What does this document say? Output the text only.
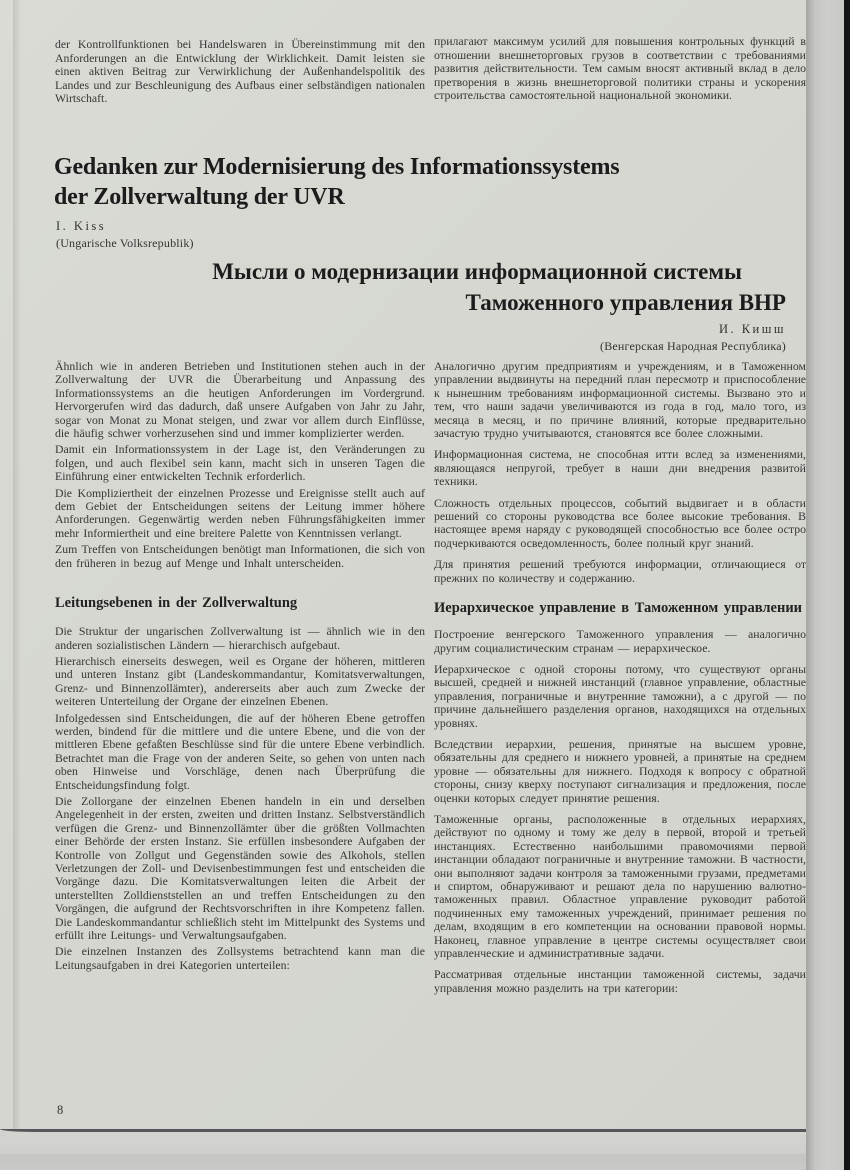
der Kontrollfunktionen bei Handelswaren in Übereinstimmung mit den Anforderungen an die Entwicklung der Wirklichkeit. Damit leisten sie einen aktiven Beitrag zur Verwirklichung der Außenhandelspolitik des Landes und zur Beschleunigung des Aufbaus einer selbständigen nationalen Wirtschaft.

прилагают максимум усилий для повышения контрольных функций в отношении внешнеторговых грузов в соответствии с требованиями развития действительности. Тем самым вносят активный вклад в дело претворения в жизнь внешнеторговой политики страны и ускорения строительства самостоятельной национальной экономики.

Gedanken zur Modernisierung des Informationssystems
der Zollverwaltung der UVR
I. Kiss
(Ungarische Volksrepublik)
Мысли о модернизации информационной системы
Таможенного управления ВНР
И. Кишш
(Венгерская Народная Республика)

Ähnlich wie in anderen Betrieben und Institutionen stehen auch in der Zollverwaltung der UVR die Überarbeitung und Anpassung des Informationssystems an die heutigen Anforderungen im Vordergrund. Hervorgerufen wird das dadurch, daß unsere Aufgaben von Jahr zu Jahr, sogar von Monat zu Monat steigen, und zwar vor allem durch Einflüsse, die häufig schwer vorherzusehen sind und immer komplizierter werden.

Damit ein Informationssystem in der Lage ist, den Veränderungen zu folgen, und auch flexibel sein kann, macht sich in unseren Tagen die Einführung einer entwickelten Technik erforderlich.

Die Kompliziertheit der einzelnen Prozesse und Ereignisse stellt auch auf dem Gebiet der Entscheidungen seitens der Leitung immer höhere Anforderungen. Gegenwärtig werden neben Führungsfähigkeiten immer mehr Informiertheit und eine breitere Palette von Kenntnissen verlangt.

Zum Treffen von Entscheidungen benötigt man Informationen, die sich von den früheren in bezug auf Menge und Inhalt unterscheiden.

Leitungsebenen in der Zollverwaltung

Die Struktur der ungarischen Zollverwaltung ist — ähnlich wie in den anderen sozialistischen Ländern — hierarchisch aufgebaut.

Hierarchisch einerseits deswegen, weil es Organe der höheren, mittleren und unteren Instanz gibt (Landeskommandantur, Komitatsverwaltungen, Grenz- und Binnenzollämter), andererseits aber auch zum Zwecke der weiteren Unterteilung der Organe der einzelnen Ebenen.

Infolgedessen sind Entscheidungen, die auf der höheren Ebene getroffen werden, bindend für die mittlere und die untere Ebene, und die von der mittleren Ebene gefaßten Beschlüsse sind für die untere Ebene verbindlich. Betrachtet man die Frage von der anderen Seite, so gehen von unten nach oben Hinweise und Vorschläge, denen nach Überprüfung die Entscheidungsfindung folgt.

Die Zollorgane der einzelnen Ebenen handeln in ein und derselben Angelegenheit in der ersten, zweiten und dritten Instanz. Selbstverständlich verfügen die Grenz- und Binnenzollämter über die größten Vollmachten einer Behörde der ersten Instanz. Sie erfüllen insbesondere Aufgaben der Kontrolle von Zollgut und Gegenständen sowie des Alkohols, stellen Verletzungen der Zoll- und Devisenbestimmungen fest und entscheiden die Vorgänge dazu. Die Komitatsverwaltungen leiten die Arbeit der unterstellten Zolldienststellen an und treffen Entscheidungen zu den Vorgängen, die aufgrund der Rechtsvorschriften in ihre Kompetenz fallen. Die Landeskommandantur schließlich steht im Mittelpunkt des Systems und erfüllt ihre Leitungs- und Verwaltungsaufgaben.

Die einzelnen Instanzen des Zollsystems betrachtend kann man die Leitungsaufgaben in drei Kategorien unterteilen:

Аналогично другим предприятиям и учреждениям, и в Таможенном управлении выдвинуты на передний план пересмотр и приспособление к нынешним требованиям информационной системы. Вызвано это и тем, что наши задачи увеличиваются из года в год, мало того, из месяца в месяц, и по причине влияний, которые предварительно зачастую трудно учитываются, становятся все более сложными.

Информационная система, не способная итти вслед за изменениями, являющаяся непругой, требует в наши дни внедрения развитой техники.

Сложность отдельных процессов, событий выдвигает и в области решений со стороны руководства все более высокие требования. В настоящее время наряду с руководящей способностью все более остро подчеркиваются осведомленность, более полный круг знаний.

Для принятия решений требуются информации, отличающиеся от прежних по количеству и содержанию.

Иерархическое управление в Таможенном управлении

Построение венгерского Таможенного управления — аналогично другим социалистическим странам — иерархическое.

Иерархическое с одной стороны потому, что существуют органы высшей, средней и нижней инстанций (главное управление, областные управления, пограничные и внутренние таможни), а с другой — по причине дальнейшего разделения органов, находящихся на отдельных уровнях.

Вследствии иерархии, решения, принятые на высшем уровне, обязательны для среднего и нижнего уровней, а принятые на среднем уровне — обязательны для нижнего. Подходя к вопросу с обратной стороны, снизу кверху поступают сигнализация и предложения, после оценки которых следует принятие решения.

Таможенные органы, расположенные в отдельных иерархиях, действуют по одному и тому же делу в первой, второй и третьей инстанциях. Естественно наибольшими правомочиями первой инстанции обладают пограничные и внутренние таможни. В частности, они выполняют задачи контроля за таможенными грузами, предметами и спиртом, обнаруживают и решают дела по нарушению валютно-таможенных правил. Областное управление руководит работой подчиненных ему таможенных учреждений, принимает решения по делам, входящим в его компетенции на основании правовой нормы. Наконец, главное управление в центре системы осуществляет свои управленческие и административные задачи.

Рассматривая отдельные инстанции таможенной системы, задачи управления можно разделить на три категории:

8
